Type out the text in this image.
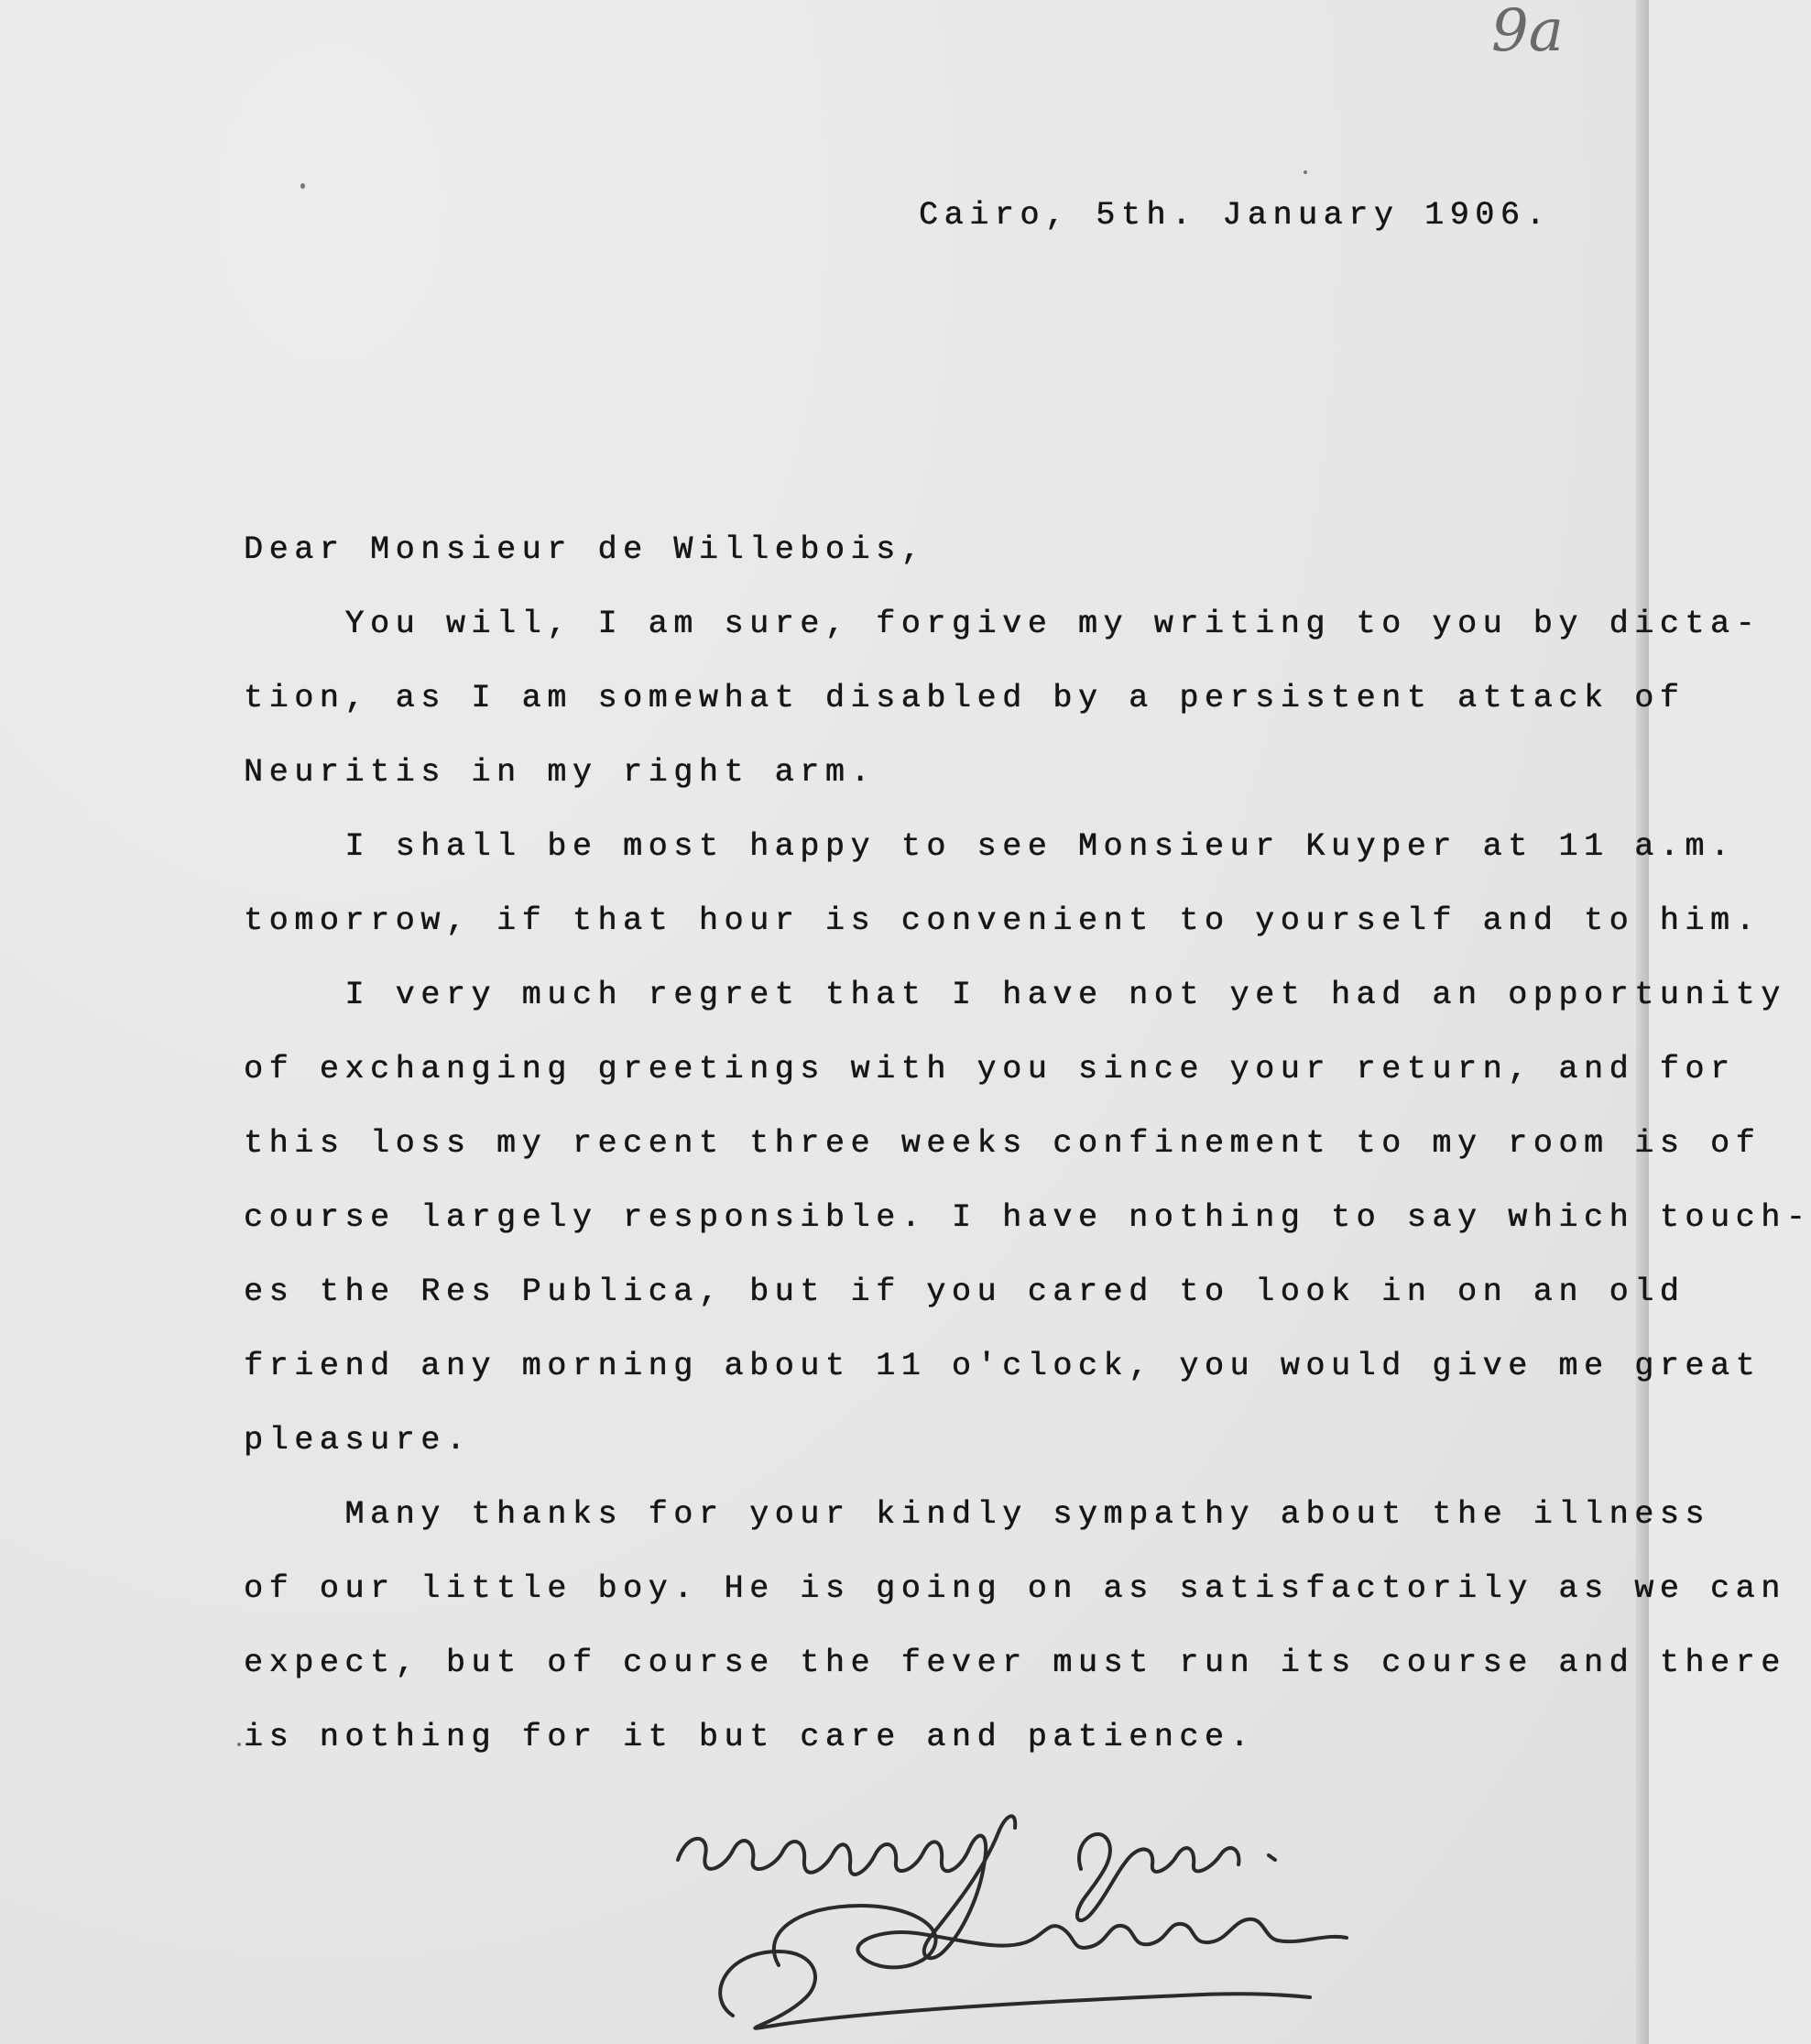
9a
Cairo, 5th. January 1906.
Dear Monsieur de Willebois,
You will, I am sure, forgive my writing to you by dicta-
tion, as I am somewhat disabled by a persistent attack of
Neuritis in my right arm.
I shall be most happy to see Monsieur Kuyper at 11 a.m.
tomorrow, if that hour is convenient to yourself and to him.
I very much regret that I have not yet had an opportunity
of exchanging greetings with you since your return, and for
this loss my recent three weeks confinement to my room is of
course largely responsible. I have nothing to say which touch-
es the Res Publica, but if you cared to look in on an old
friend any morning about 11 o'clock, you would give me great
pleasure.
Many thanks for your kindly sympathy about the illness
of our little boy. He is going on as satisfactorily as we can
expect, but of course the fever must run its course and there
is nothing for it but care and patience.
